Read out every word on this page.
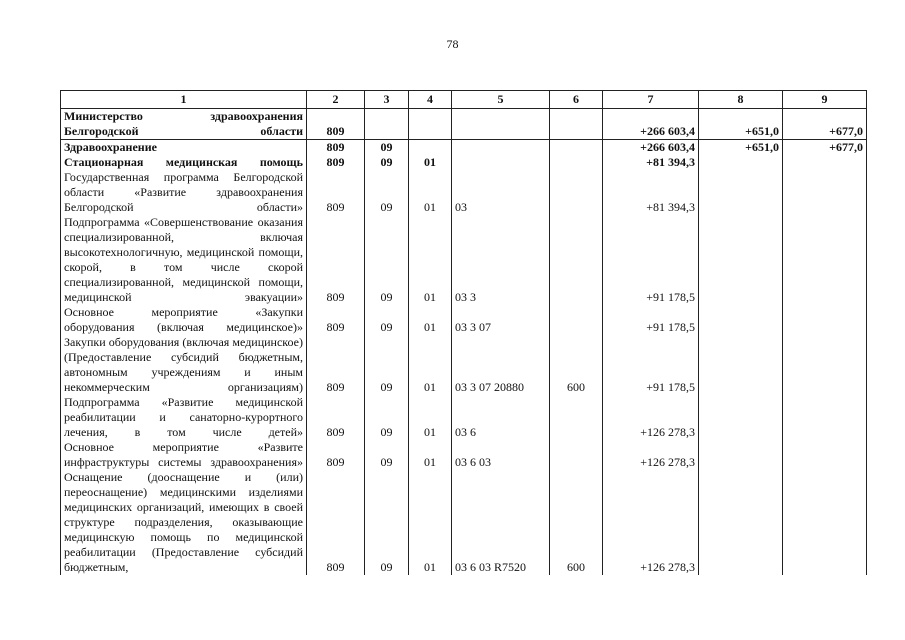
78
1	2	3	4	5	6	7	8	9
Министерство здравоохранения Белгородской области	809					+266 603,4	+651,0	+677,0
Здравоохранение	809	09				+266 603,4	+651,0	+677,0
Стационарная медицинская помощь	809	09	01			+81 394,3		
Государственная программа Белгородской области «Развитие здравоохранения Белгородской области»	809	09	01	03		+81 394,3		
Подпрограмма «Совершенствование оказания специализированной, включая высокотехнологичную, медицинской помощи, скорой, в том числе скорой специализированной, медицинской помощи, медицинской эвакуации»	809	09	01	03 3		+91 178,5		
Основное мероприятие «Закупки оборудования (включая медицинское)»	809	09	01	03 3 07		+91 178,5		
Закупки оборудования (включая медицинское) (Предоставление субсидий бюджетным, автономным учреждениям и иным некоммерческим организациям)	809	09	01	03 3 07 20880	600	+91 178,5		
Подпрограмма «Развитие медицинской реабилитации и санаторно-курортного лечения, в том числе детей»	809	09	01	03 6		+126 278,3		
Основное мероприятие «Развите инфраструктуры системы здравоохранения»	809	09	01	03 6 03		+126 278,3		
Оснащение (дооснащение и (или) переоснащение) медицинскими изделиями медицинских организаций, имеющих в своей структуре подразделения, оказывающие медицинскую помощь по медицинской реабилитации (Предоставление субсидий бюджетным,	809	09	01	03 6 03 R7520	600	+126 278,3		
